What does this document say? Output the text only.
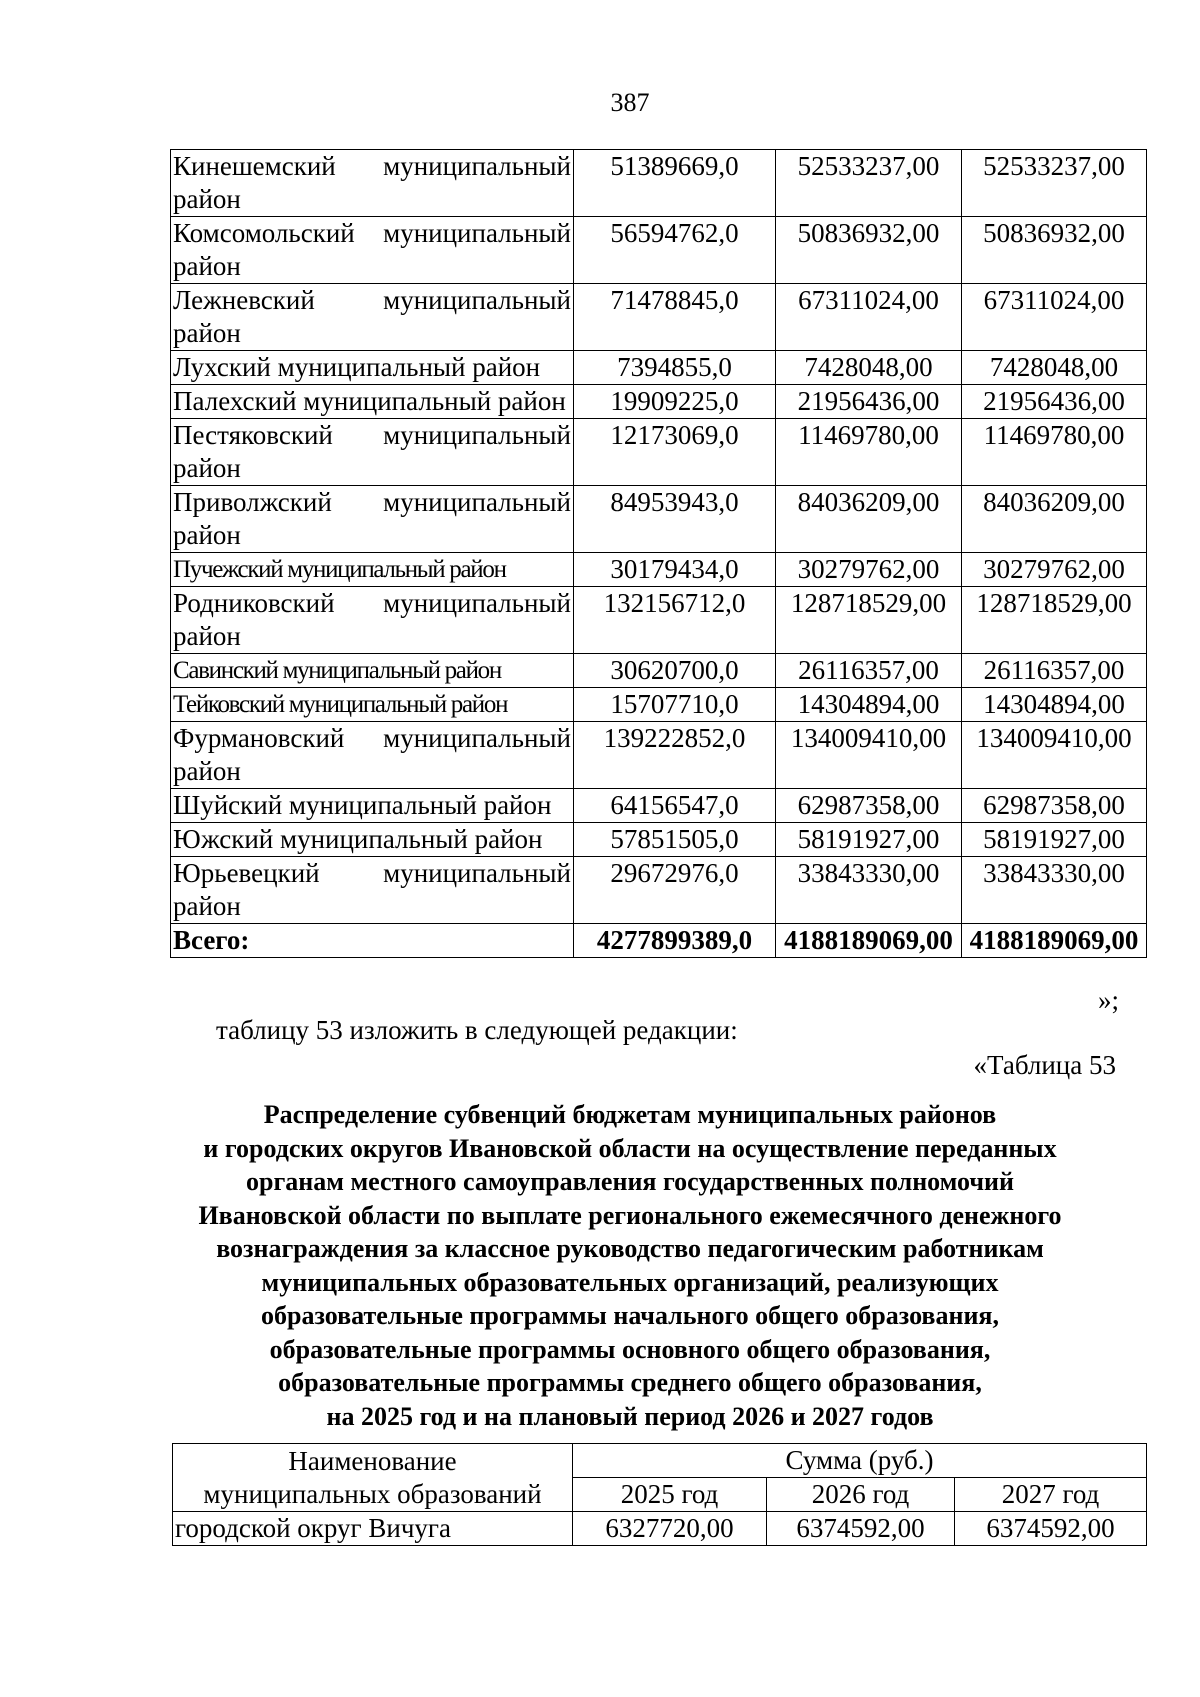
387
Кинешемский муниципальный район	51389669,0	52533237,00	52533237,00
Комсомольский муниципальный район	56594762,0	50836932,00	50836932,00
Лежневский муниципальный район	71478845,0	67311024,00	67311024,00
Лухский муниципальный район	7394855,0	7428048,00	7428048,00
Палехский муниципальный район	19909225,0	21956436,00	21956436,00
Пестяковский муниципальный район	12173069,0	11469780,00	11469780,00
Приволжский муниципальный район	84953943,0	84036209,00	84036209,00
Пучежский муниципальный район	30179434,0	30279762,00	30279762,00
Родниковский муниципальный район	132156712,0	128718529,00	128718529,00
Савинский муниципальный район	30620700,0	26116357,00	26116357,00
Тейковский муниципальный район	15707710,0	14304894,00	14304894,00
Фурмановский муниципальный район	139222852,0	134009410,00	134009410,00
Шуйский муниципальный район	64156547,0	62987358,00	62987358,00
Южский муниципальный район	57851505,0	58191927,00	58191927,00
Юрьевецкий муниципальный район	29672976,0	33843330,00	33843330,00
Всего:	4277899389,0	4188189069,00	4188189069,00
»;
таблицу 53 изложить в следующей редакции:
«Таблица 53
Распределение субвенций бюджетам муниципальных районов
и городских округов Ивановской области на осуществление переданных
органам местного самоуправления государственных полномочий
Ивановской области по выплате регионального ежемесячного денежного
вознаграждения за классное руководство педагогическим работникам
муниципальных образовательных организаций, реализующих
образовательные программы начального общего образования,
образовательные программы основного общего образования,
образовательные программы среднего общего образования,
на 2025 год и на плановый период 2026 и 2027 годов
Наименование
муниципальных образований	Сумма (руб.)		
	2025 год	2026 год	2027 год
городской округ Вичуга	6327720,00	6374592,00	6374592,00
